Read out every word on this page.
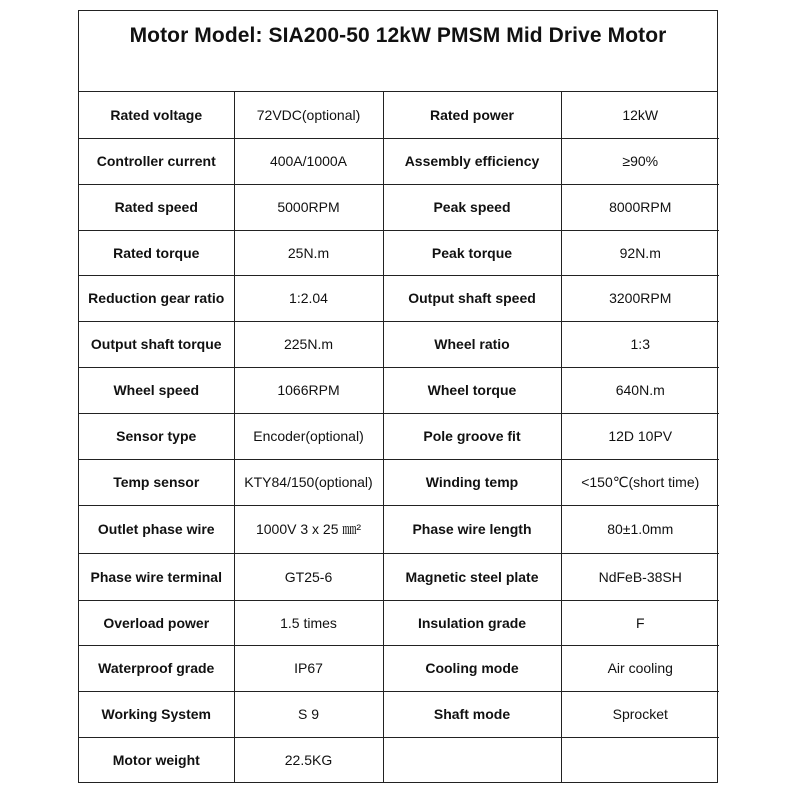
Motor Model: SIA200-50 12kW PMSM Mid Drive Motor
Rated voltage	72VDC(optional)	Rated power	12kW
Controller current	400A/1000A	Assembly efficiency	≥90%
Rated speed	5000RPM	Peak speed	8000RPM
Rated torque	25N.m	Peak torque	92N.m
Reduction gear ratio	1:2.04	Output shaft speed	3200RPM
Output shaft torque	225N.m	Wheel ratio	1:3
Wheel speed	1066RPM	Wheel torque	640N.m
Sensor type	Encoder(optional)	Pole groove fit	12D 10PV
Temp sensor	KTY84/150(optional)	Winding temp	<150℃(short time)
Outlet phase wire	1000V 3 x 25 ㎜²	Phase wire length	80±1.0mm
Phase wire terminal	GT25-6	Magnetic steel plate	NdFeB-38SH
Overload power	1.5 times	Insulation grade	F
Waterproof grade	IP67	Cooling mode	Air cooling
Working System	S 9	Shaft mode	Sprocket
Motor weight	22.5KG		
